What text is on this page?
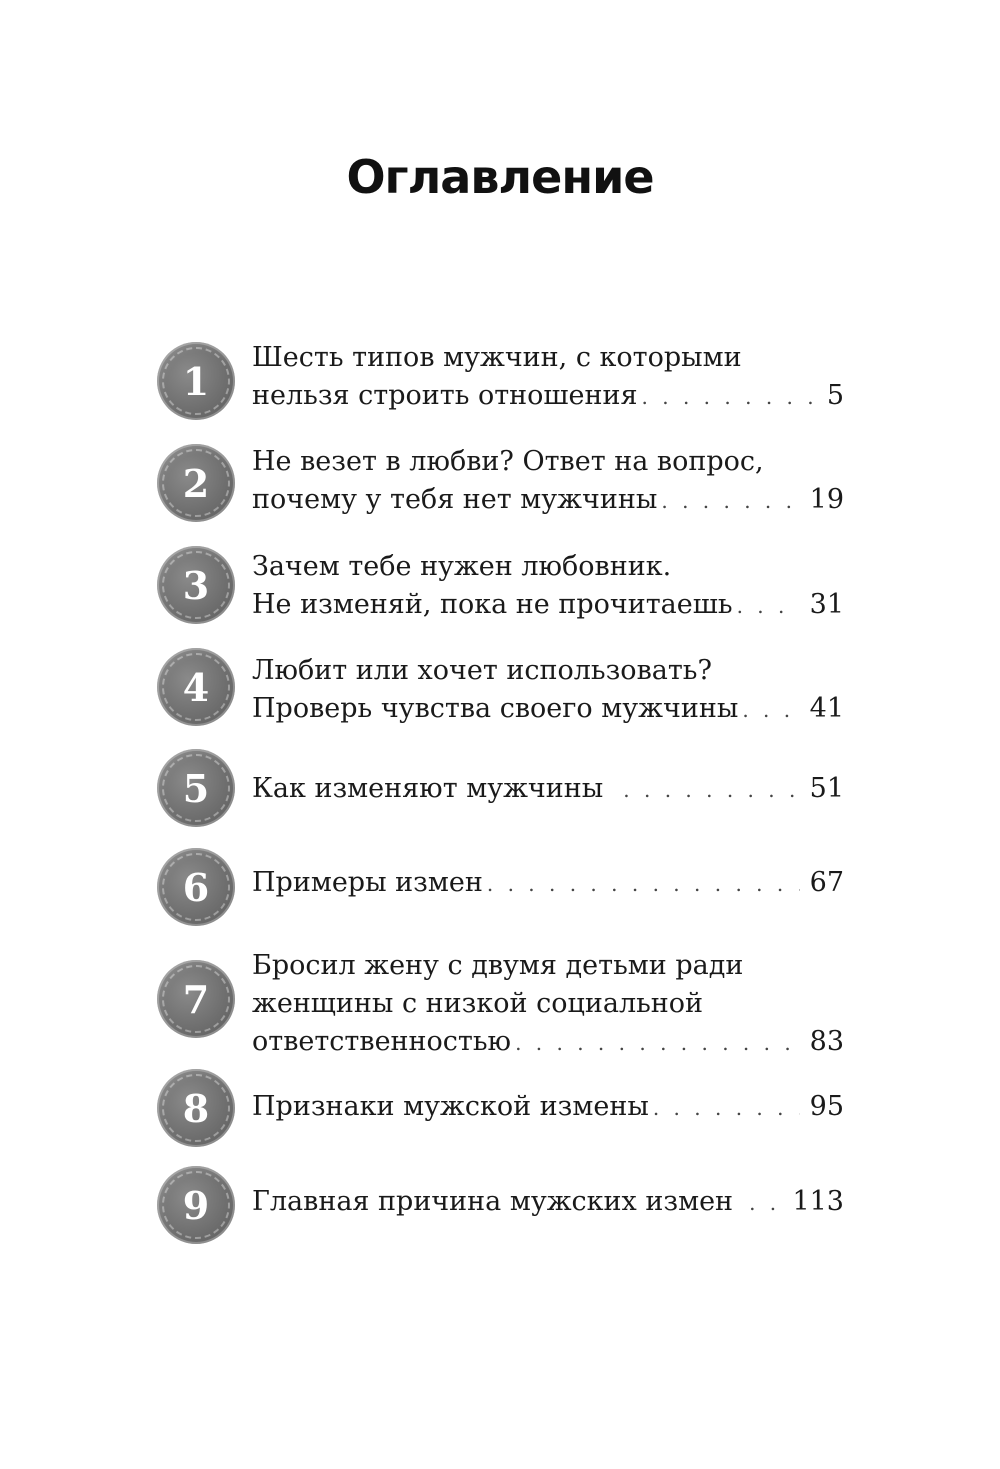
Оглавление
1
Шесть типов мужчин, с которыми
нельзя строить отношения . . .	5
2 Не везет в любви? Ответ на вопрос,
почему у тебя нет мужчины . . .	19
3 Зачем тебе нужен любовник.
Не изменяй, пока не прочитаешь . . .	31
4 Любит или хочет использовать?
Проверь чувства своего мужчины . . .	41
5 Как изменяют мужчины . . .	51
6 Примеры измен . . .	67
7
Бросил жену с двумя детьми ради
женщины с низкой социальной
ответственностью . . .	83
8 Признаки мужской измены . . .	95
9 Главная причина мужских измен . . . 113
